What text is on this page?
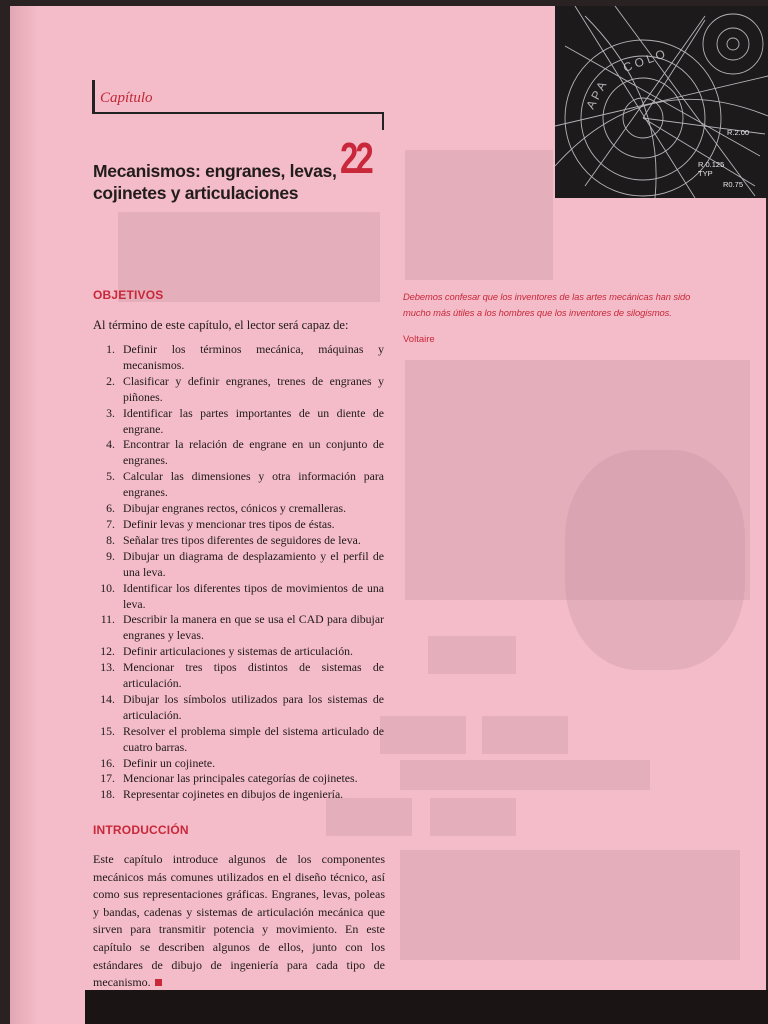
C O L O
A P A
R.2.00
R 0.125
TYP
R0.75
Capítulo
22
Mecanismos: engranes, levas, cojinetes y articulaciones
OBJETIVOS
Al término de este capítulo, el lector será capaz de:
1. Definir los términos mecánica, máquinas y mecanismos.
2. Clasificar y definir engranes, trenes de engranes y piñones.
3. Identificar las partes importantes de un diente de engrane.
4. Encontrar la relación de engrane en un conjunto de engranes.
5. Calcular las dimensiones y otra información para engranes.
6. Dibujar engranes rectos, cónicos y cremalleras.
7. Definir levas y mencionar tres tipos de éstas.
8. Señalar tres tipos diferentes de seguidores de leva.
9. Dibujar un diagrama de desplazamiento y el perfil de una leva.
10. Identificar los diferentes tipos de movimientos de una leva.
11. Describir la manera en que se usa el CAD para dibujar engranes y levas.
12. Definir articulaciones y sistemas de articulación.
13. Mencionar tres tipos distintos de sistemas de articulación.
14. Dibujar los símbolos utilizados para los sistemas de articulación.
15. Resolver el problema simple del sistema articulado de cuatro barras.
16. Definir un cojinete.
17. Mencionar las principales categorías de cojinetes.
18. Representar cojinetes en dibujos de ingeniería.
INTRODUCCIÓN
Este capítulo introduce algunos de los componentes mecánicos más comunes utilizados en el diseño técnico, así como sus representaciones gráficas. Engranes, levas, poleas y bandas, cadenas y sistemas de articulación mecánica que sirven para transmitir potencia y movimiento. En este capítulo se describen algunos de ellos, junto con los estándares de dibujo de ingeniería para cada tipo de mecanismo.
Debemos confesar que los inventores de las artes mecánicas han sido mucho más útiles a los hombres que los inventores de silogismos.
Voltaire
